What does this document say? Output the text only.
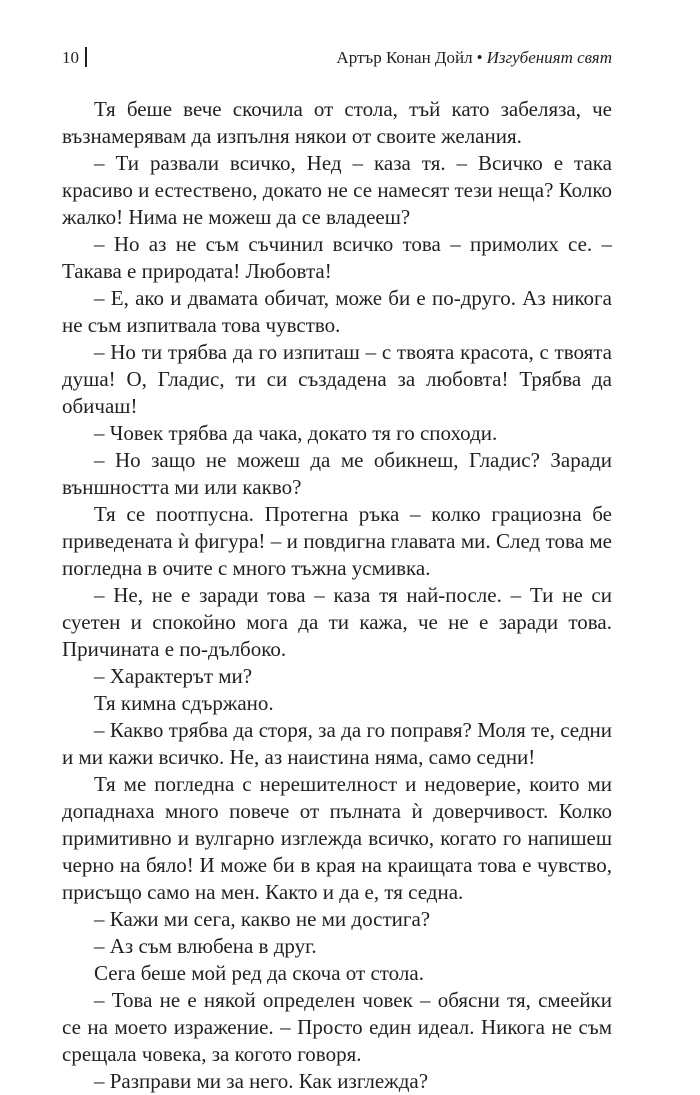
10	Артър Конан Дойл • Изгубеният свят

Тя беше вече скочила от стола, тъй като забеляза, че възнамерявам да изпълня някои от своите желания.

– Ти развали всичко, Нед – каза тя. – Всичко е така красиво и естествено, докато не се намесят тези неща? Колко жалко! Нима не можеш да се владееш?

– Но аз не съм съчинил всичко това – примолих се. – Такава е природата! Любовта!

– Е, ако и двамата обичат, може би е по-друго. Аз никога не съм изпитвала това чувство.

– Но ти трябва да го изпиташ – с твоята красота, с твоята душа! О, Гладис, ти си създадена за любовта! Трябва да обичаш!

– Човек трябва да чака, докато тя го споходи.

– Но защо не можеш да ме обикнеш, Гладис? Заради външността ми или какво?

Тя се поотпусна. Протегна ръка – колко грациозна бе приведената ѝ фигура! – и повдигна главата ми. След това ме погледна в очите с много тъжна усмивка.

– Не, не е заради това – каза тя най-после. – Ти не си суетен и спокойно мога да ти кажа, че не е заради това. Причината е по-дълбоко.

– Характерът ми?

Тя кимна сдържано.

– Какво трябва да сторя, за да го поправя? Моля те, седни и ми кажи всичко. Не, аз наистина няма, само седни!

Тя ме погледна с нерешителност и недоверие, които ми допаднаха много повече от пълната ѝ доверчивост. Колко примитивно и вулгарно изглежда всичко, когато го напишеш черно на бяло! И може би в края на краищата това е чувство, присъщо само на мен. Както и да е, тя седна.

– Кажи ми сега, какво не ми достига?

– Аз съм влюбена в друг.

Сега беше мой ред да скоча от стола.

– Това не е някой определен човек – обясни тя, смеейки се на моето изражение. – Просто един идеал. Никога не съм срещала човека, за когото говоря.

– Разправи ми за него. Как изглежда?
